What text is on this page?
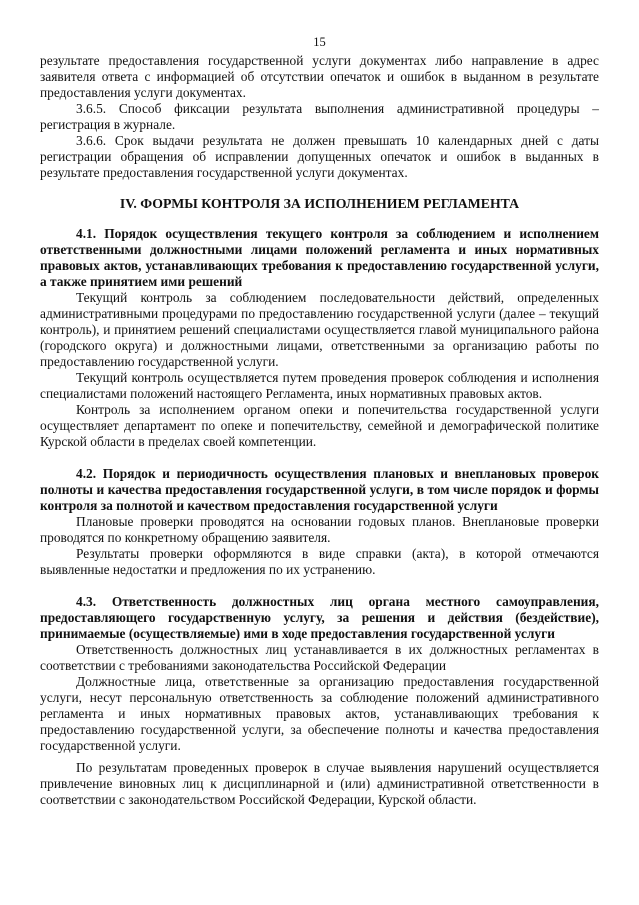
15

результате предоставления государственной услуги документах либо направление в адрес заявителя ответа с информацией об отсутствии опечаток и ошибок в выданном в результате предоставления услуги документах.

3.6.5. Способ фиксации результата выполнения административной процедуры – регистрация в журнале.

3.6.6. Срок выдачи результата не должен превышать 10 календарных дней с даты регистрации обращения об исправлении допущенных опечаток и ошибок в выданных в результате предоставления государственной услуги документах.

IV. ФОРМЫ КОНТРОЛЯ ЗА ИСПОЛНЕНИЕМ РЕГЛАМЕНТА

4.1. Порядок осуществления текущего контроля за соблюдением и исполнением ответственными должностными лицами положений регламента и иных нормативных правовых актов, устанавливающих требования к предоставлению государственной услуги, а также принятием ими решений

Текущий контроль за соблюдением последовательности действий, определенных административными процедурами по предоставлению государственной услуги (далее – текущий контроль), и принятием решений специалистами осуществляется главой муниципального района (городского округа) и должностными лицами, ответственными за организацию работы по предоставлению государственной услуги.

Текущий контроль осуществляется путем проведения проверок соблюдения и исполнения специалистами положений настоящего Регламента, иных нормативных правовых актов.

Контроль за исполнением органом опеки и попечительства государственной услуги осуществляет департамент по опеке и попечительству, семейной и демографической политике Курской области в пределах своей компетенции.

4.2. Порядок и периодичность осуществления плановых и внеплановых проверок полноты и качества предоставления государственной услуги, в том числе порядок и формы контроля за полнотой и качеством предоставления государственной услуги

Плановые проверки проводятся на основании годовых планов. Внеплановые проверки проводятся по конкретному обращению заявителя.

Результаты проверки оформляются в виде справки (акта), в которой отмечаются выявленные недостатки и предложения по их устранению.

4.3. Ответственность должностных лиц органа местного самоуправления, предоставляющего государственную услугу, за решения и действия (бездействие), принимаемые (осуществляемые) ими в ходе предоставления государственной услуги

Ответственность должностных лиц устанавливается в их должностных регламентах в соответствии с требованиями законодательства Российской Федерации

Должностные лица, ответственные за организацию предоставления государственной услуги, несут персональную ответственность за соблюдение положений административного регламента и иных нормативных правовых актов, устанавливающих требования к предоставлению государственной услуги, за обеспечение полноты и качества предоставления государственной услуги.

По результатам проведенных проверок в случае выявления нарушений осуществляется привлечение виновных лиц к дисциплинарной и (или) административной ответственности в соответствии с законодательством Российской Федерации, Курской области.
